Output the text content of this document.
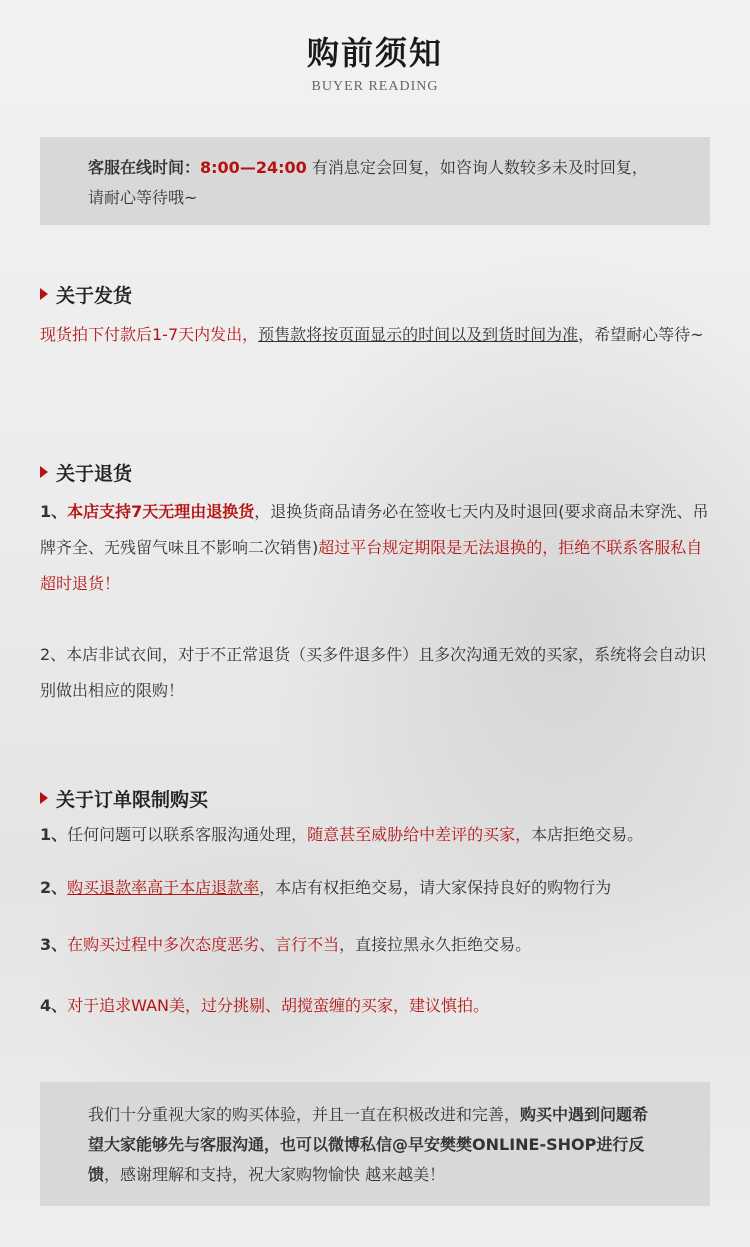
购前须知
BUYER READING
客服在线时间：8:00—24:00 有消息定会回复，如咨询人数较多未及时回复，请耐心等待哦~
关于发货
现货拍下付款后1-7天内发出，预售款将按页面显示的时间以及到货时间为准，希望耐心等待~
关于退货
1、本店支持7天无理由退换货，退换货商品请务必在签收七天内及时退回(要求商品未穿洗、吊牌齐全、无残留气味且不影响二次销售)超过平台规定期限是无法退换的，拒绝不联系客服私自超时退货！
2、本店非试衣间，对于不正常退货（买多件退多件）且多次沟通无效的买家，系统将会自动识别做出相应的限购！
关于订单限制购买
1、任何问题可以联系客服沟通处理，随意甚至威胁给中差评的买家，本店拒绝交易。
2、购买退款率高于本店退款率，本店有权拒绝交易，请大家保持良好的购物行为
3、在购买过程中多次态度恶劣、言行不当，直接拉黑永久拒绝交易。
4、对于追求WAN美，过分挑剔、胡搅蛮缠的买家，建议慎拍。
我们十分重视大家的购买体验，并且一直在积极改进和完善，购买中遇到问题希望大家能够先与客服沟通，也可以微博私信@早安樊樊ONLINE-SHOP进行反馈，感谢理解和支持，祝大家购物愉快 越来越美！
